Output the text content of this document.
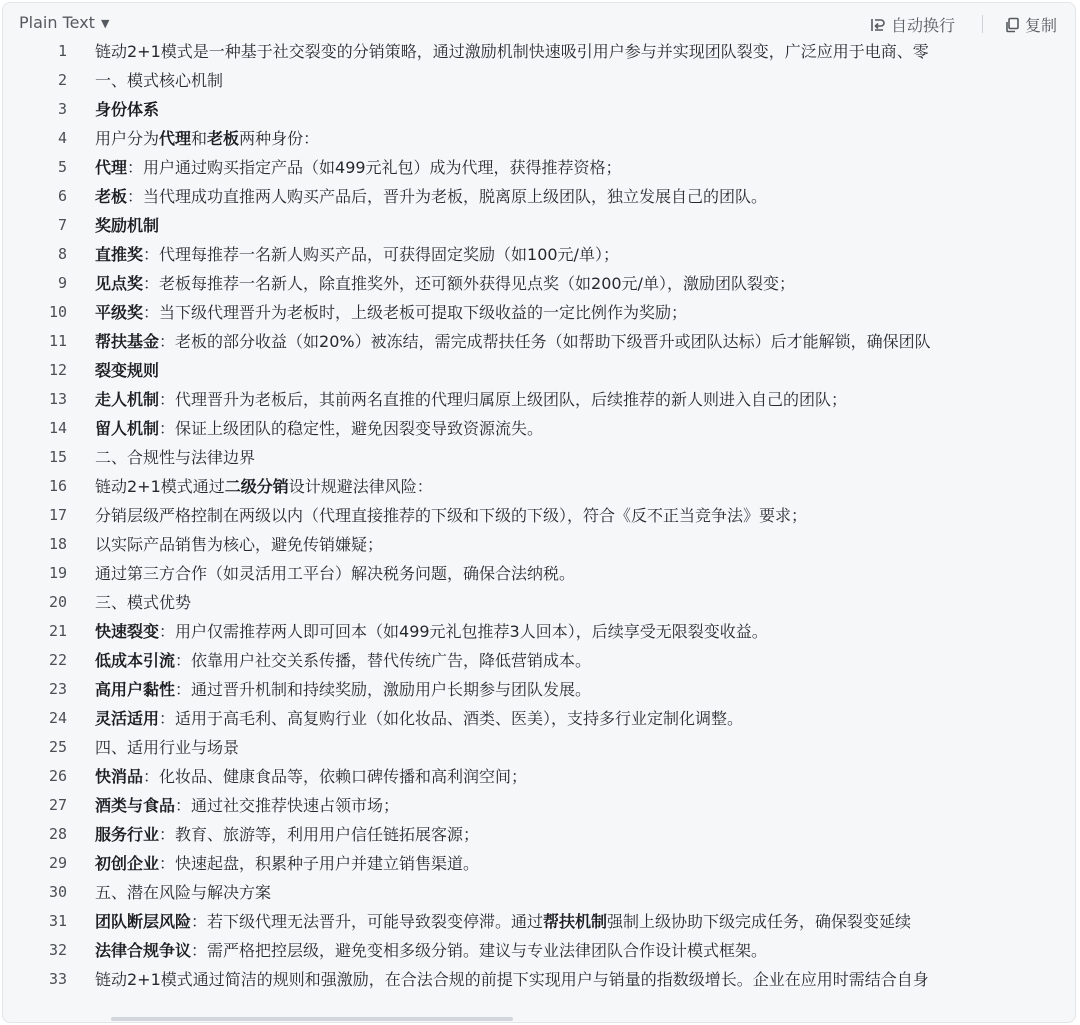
Plain Text ▼	自动换行	复制
1	链动2+1模式是一种基于社交裂变的分销策略，通过激励机制快速吸引用户参与并实现团队裂变，广泛应用于电商、零
2	一、模式核心机制
3	身份体系
4	用户分为代理和老板两种身份：
5	代理：用户通过购买指定产品（如499元礼包）成为代理，获得推荐资格；
6	老板：当代理成功直推两人购买产品后，晋升为老板，脱离原上级团队，独立发展自己的团队。
7	奖励机制
8	直推奖：代理每推荐一名新人购买产品，可获得固定奖励（如100元/单）；
9	见点奖：老板每推荐一名新人，除直推奖外，还可额外获得见点奖（如200元/单），激励团队裂变；
10	平级奖：当下级代理晋升为老板时，上级老板可提取下级收益的一定比例作为奖励；
11	帮扶基金：老板的部分收益（如20%）被冻结，需完成帮扶任务（如帮助下级晋升或团队达标）后才能解锁，确保团队
12	裂变规则
13	走人机制：代理晋升为老板后，其前两名直推的代理归属原上级团队，后续推荐的新人则进入自己的团队；
14	留人机制：保证上级团队的稳定性，避免因裂变导致资源流失。
15	二、合规性与法律边界
16	链动2+1模式通过二级分销设计规避法律风险：
17	分销层级严格控制在两级以内（代理直接推荐的下级和下级的下级），符合《反不正当竞争法》要求；
18	以实际产品销售为核心，避免传销嫌疑；
19	通过第三方合作（如灵活用工平台）解决税务问题，确保合法纳税。
20	三、模式优势
21	快速裂变：用户仅需推荐两人即可回本（如499元礼包推荐3人回本），后续享受无限裂变收益。
22	低成本引流：依靠用户社交关系传播，替代传统广告，降低营销成本。
23	高用户黏性：通过晋升机制和持续奖励，激励用户长期参与团队发展。
24	灵活适用：适用于高毛利、高复购行业（如化妆品、酒类、医美），支持多行业定制化调整。
25	四、适用行业与场景
26	快消品：化妆品、健康食品等，依赖口碑传播和高利润空间；
27	酒类与食品：通过社交推荐快速占领市场；
28	服务行业：教育、旅游等，利用用户信任链拓展客源；
29	初创企业：快速起盘，积累种子用户并建立销售渠道。
30	五、潜在风险与解决方案
31	团队断层风险：若下级代理无法晋升，可能导致裂变停滞。通过帮扶机制强制上级协助下级完成任务，确保裂变延续
32	法律合规争议：需严格把控层级，避免变相多级分销。建议与专业法律团队合作设计模式框架。
33	链动2+1模式通过简洁的规则和强激励，在合法合规的前提下实现用户与销量的指数级增长。企业在应用时需结合自身
